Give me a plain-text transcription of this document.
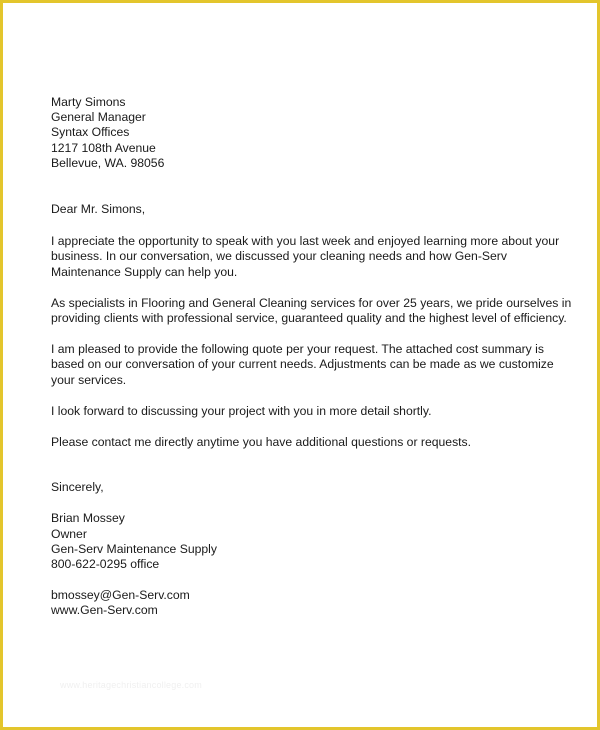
Marty Simons
General Manager
Syntax Offices
1217 108th Avenue
Bellevue, WA. 98056
Dear Mr. Simons,
I appreciate the opportunity to speak with you last week and enjoyed learning more about your
business. In our conversation, we discussed your cleaning needs and how Gen-Serv
Maintenance Supply can help you.
As specialists in Flooring and General Cleaning services for over 25 years, we pride ourselves in
providing clients with professional service, guaranteed quality and the highest level of efficiency.
I am pleased to provide the following quote per your request. The attached cost summary is
based on our conversation of your current needs. Adjustments can be made as we customize
your services.
I look forward to discussing your project with you in more detail shortly.
Please contact me directly anytime you have additional questions or requests.
Sincerely,
Brian Mossey
Owner
Gen-Serv Maintenance Supply
800-622-0295 office
bmossey@Gen-Serv.com
www.Gen-Serv.com
www.heritagechristiancollege.com
